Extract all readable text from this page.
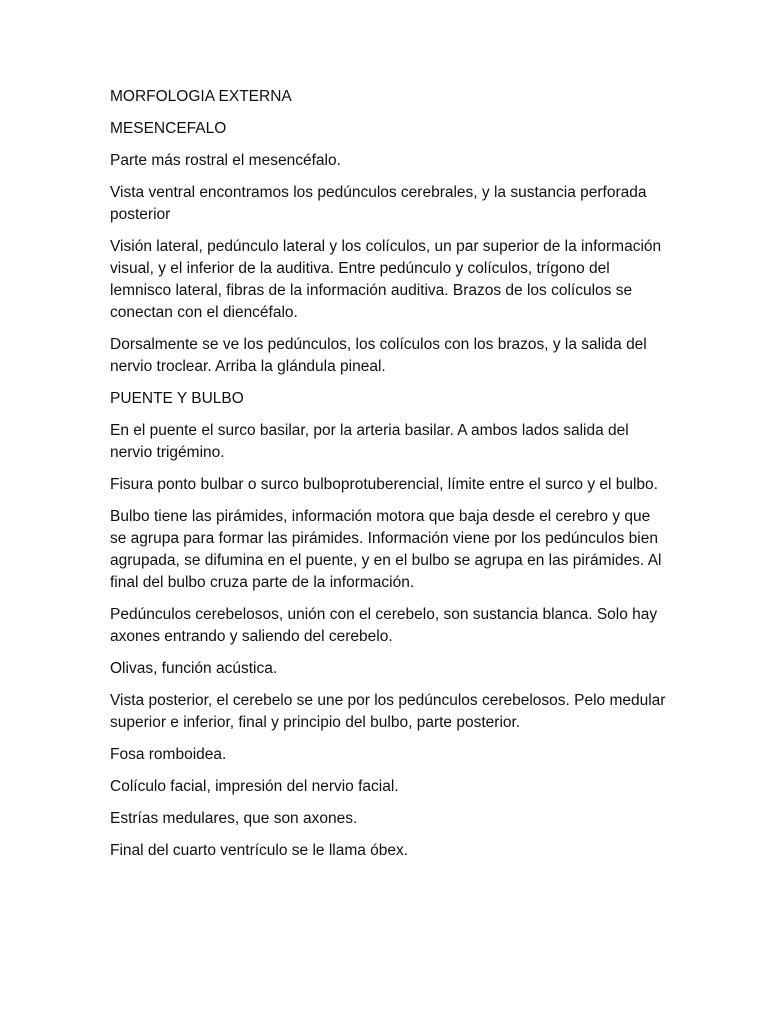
MORFOLOGIA EXTERNA

MESENCEFALO

Parte más rostral el mesencéfalo.

Vista ventral encontramos los pedúnculos cerebrales, y la sustancia perforada posterior

Visión lateral, pedúnculo lateral y los colículos, un par superior de la información visual, y el inferior de la auditiva. Entre pedúnculo y colículos, trígono del lemnisco lateral, fibras de la información auditiva. Brazos de los colículos se conectan con el diencéfalo.

Dorsalmente se ve los pedúnculos, los colículos con los brazos, y la salida del nervio troclear. Arriba la glándula pineal.

PUENTE Y BULBO

En el puente el surco basilar, por la arteria basilar. A ambos lados salida del nervio trigémino.

Fisura ponto bulbar o surco bulboprotuberencial, límite entre el surco y el bulbo.

Bulbo tiene las pirámides, información motora que baja desde el cerebro y que se agrupa para formar las pirámides. Información viene por los pedúnculos bien agrupada, se difumina en el puente, y en el bulbo se agrupa en las pirámides. Al final del bulbo cruza parte de la información.

Pedúnculos cerebelosos, unión con el cerebelo, son sustancia blanca. Solo hay axones entrando y saliendo del cerebelo.

Olivas, función acústica.

Vista posterior, el cerebelo se une por los pedúnculos cerebelosos. Pelo medular superior e inferior, final y principio del bulbo, parte posterior.

Fosa romboidea.

Colículo facial, impresión del nervio facial.

Estrías medulares, que son axones.

Final del cuarto ventrículo se le llama óbex.
